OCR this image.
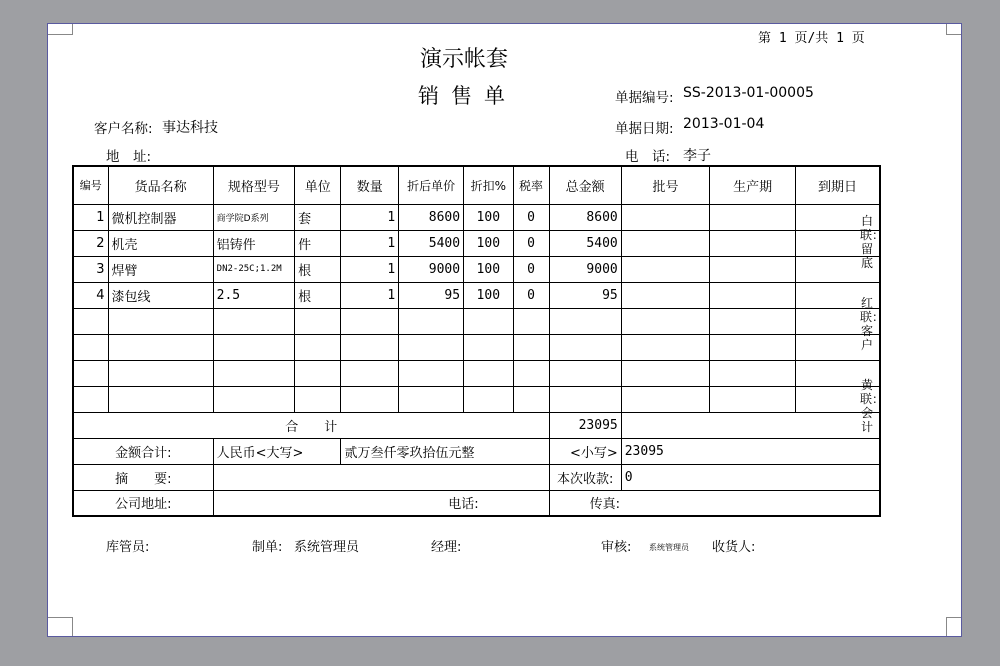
第 1 页/共 1 页
演示帐套
销售单	单据编号: SS-2013-01-00005
客户名称: 事达科技	单据日期: 2013-01-04
地　址:	电　话: 李子
编号	货品名称	规格型号	单位	数量	折后单价	折扣%	税率	总金额	批号	生产期	到期日
1	微机控制器	商学院D系列	套	1	8600	100	0	8600			
2	机壳	铝铸件	件	1	5400	100	0	5400			
3	焊臂	DN2-25C;1.2M	根	1	9000	100	0	9000			
4	漆包线	2.5	根	1	95	100	0	95			

合　　计								23095			
金额合计:		人民币<大写>		贰万叁仟零玖拾伍元整				<小写>	23095		
摘　　要:								本次收款:	0		
公司地址:		电话:						传真:			
白联：留底
红联：客户
黄联：会计
库管员:	制单: 系统管理员	经理:	审核: 系统管理员 收货人:
